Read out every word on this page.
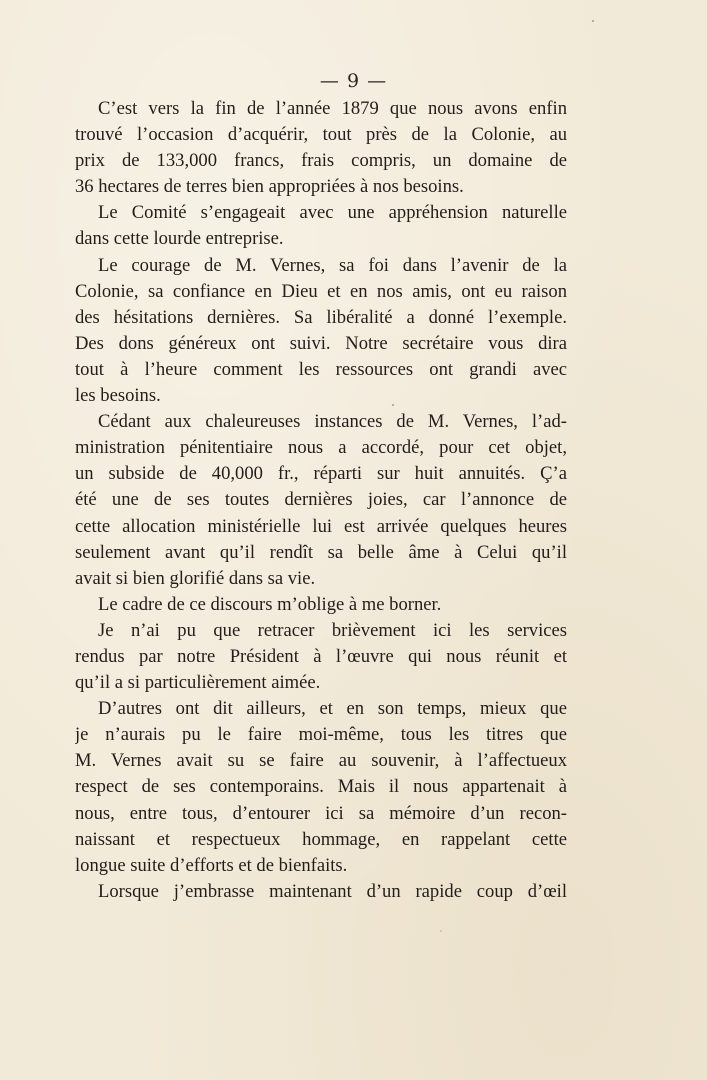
— 9 —
C’est vers la fin de l’année 1879 que nous avons enfin
trouvé l’occasion d’acquérir, tout près de la Colonie, au
prix de 133,000 francs, frais compris, un domaine de
36 hectares de terres bien appropriées à nos besoins.
Le Comité s’engageait avec une appréhension naturelle
dans cette lourde entreprise.
Le courage de M. Vernes, sa foi dans l’avenir de la
Colonie, sa confiance en Dieu et en nos amis, ont eu raison
des hésitations dernières. Sa libéralité a donné l’exemple.
Des dons généreux ont suivi. Notre secrétaire vous dira
tout à l’heure comment les ressources ont grandi avec
les besoins.
Cédant aux chaleureuses instances de M. Vernes, l’ad-
ministration pénitentiaire nous a accordé, pour cet objet,
un subside de 40,000 fr., réparti sur huit annuités. Ç’a
été une de ses toutes dernières joies, car l’annonce de
cette allocation ministérielle lui est arrivée quelques heures
seulement avant qu’il rendît sa belle âme à Celui qu’il
avait si bien glorifié dans sa vie.
Le cadre de ce discours m’oblige à me borner.
Je n’ai pu que retracer brièvement ici les services
rendus par notre Président à l’œuvre qui nous réunit et
qu’il a si particulièrement aimée.
D’autres ont dit ailleurs, et en son temps, mieux que
je n’aurais pu le faire moi-même, tous les titres que
M. Vernes avait su se faire au souvenir, à l’affectueux
respect de ses contemporains. Mais il nous appartenait à
nous, entre tous, d’entourer ici sa mémoire d’un recon-
naissant et respectueux hommage, en rappelant cette
longue suite d’efforts et de bienfaits.
Lorsque j’embrasse maintenant d’un rapide coup d’œil
